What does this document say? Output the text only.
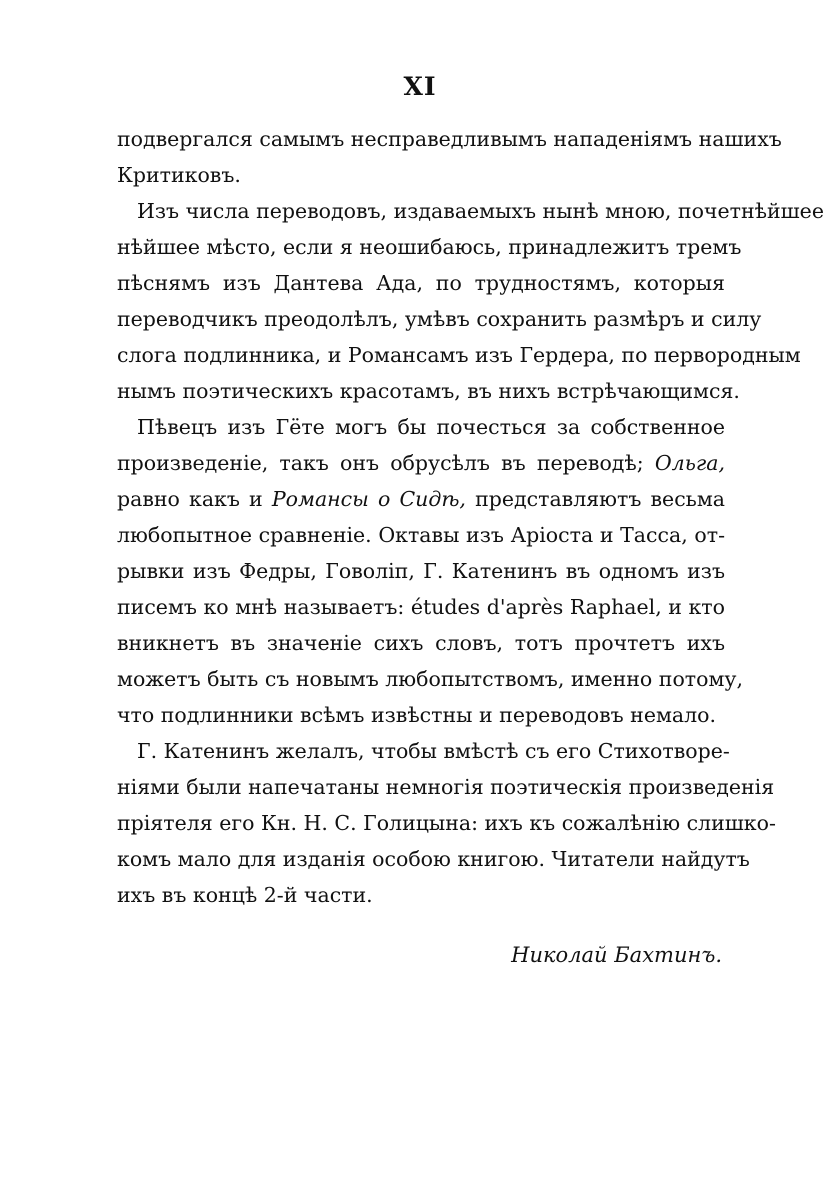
XI
подвергался самымъ несправедливымъ нападеніямъ нашихъ
Критиковъ.
Изъ числа переводовъ, издаваемыхъ нынѣ мною, почетнѣйшее
нѣйшее мѣсто, если я неошибаюсь, принадлежитъ тремъ
пѣснямъ изъ Дантева Ада, по трудностямъ, которыя
переводчикъ преодолѣлъ, умѣвъ сохранить размѣръ и силу
слога подлинника, и Романсамъ изъ Гердера, по первородным
нымъ поэтическихъ красотамъ, въ нихъ встрѣчающимся.
Пѣвецъ изъ Гёте могъ бы почесться за собственное
произведеніе, такъ онъ обрусѣлъ въ переводѣ; Ольга,
равно какъ и Романсы о Сидѣ, представляютъ весьма
любопытное сравненіе. Октавы изъ Аріоста и Тасса, от-
рывки изъ Федры, Говоліп, Г. Катенинъ въ одномъ изъ
писемъ ко мнѣ называетъ: études d'après Raphael, и кто
вникнетъ въ значеніе сихъ словъ, тотъ прочтетъ ихъ
можетъ быть съ новымъ любопытствомъ, именно потому,
что подлинники всѣмъ извѣстны и переводовъ немало.
Г. Катенинъ желалъ, чтобы вмѣстѣ съ его Стихотворе-
ніями были напечатаны немногія поэтическія произведенія
пріятеля его Кн. Н. С. Голицына: ихъ къ сожалѣнію слишко-
комъ мало для изданія особою книгою. Читатели найдутъ
ихъ въ концѣ 2-й части.
Николай Бахтинъ.
